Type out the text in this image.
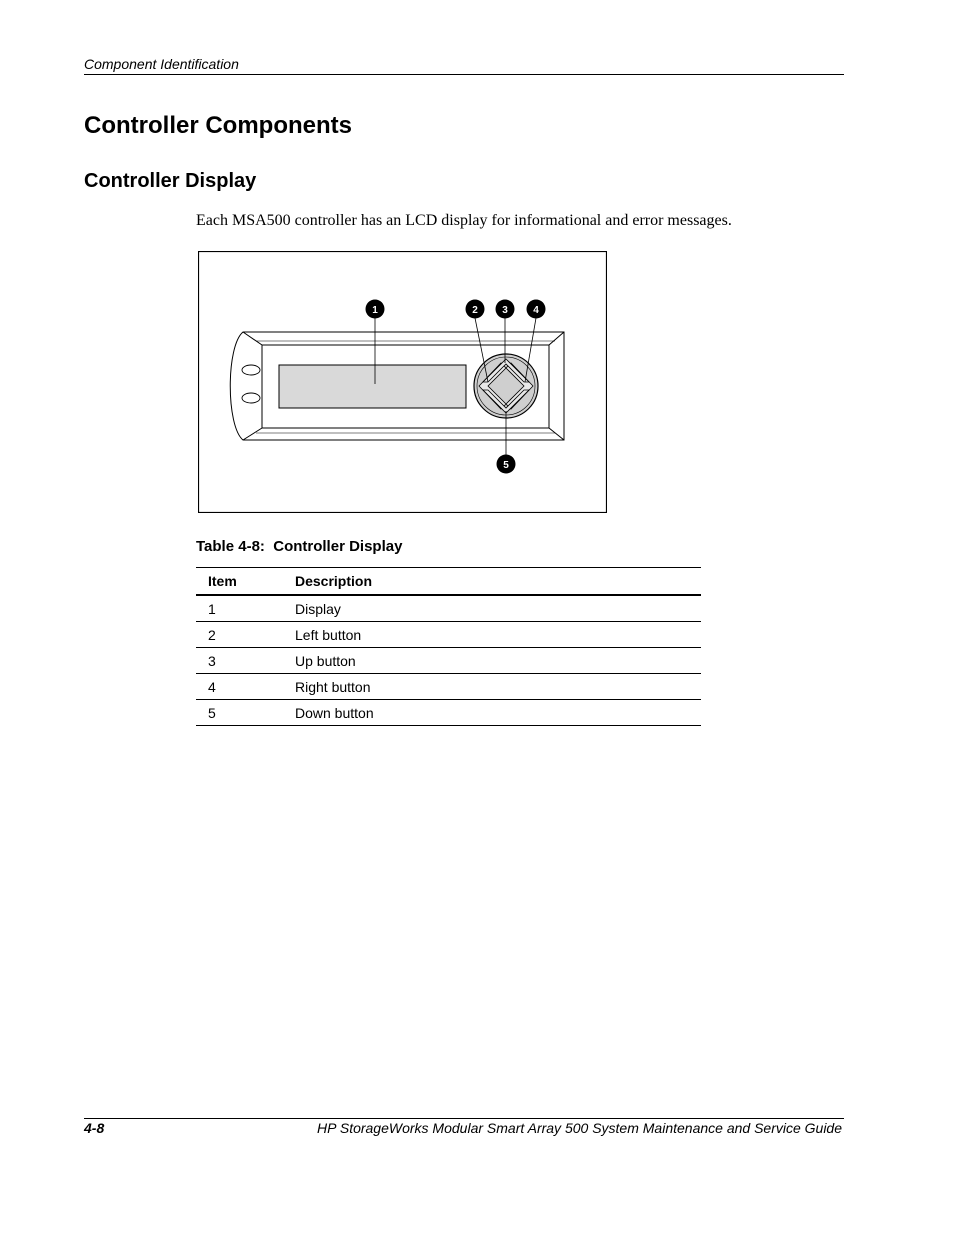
Component Identification
Controller Components
Controller Display

Each MSA500 controller has an LCD display for informational and error messages.

1	2 3	4
5
Table 4-8:  Controller Display
Item	Description
1	Display
2	Left button
3	Up button
4	Right button
5	Down button
4-8	HP StorageWorks Modular Smart Array 500 System Maintenance and Service Guide
